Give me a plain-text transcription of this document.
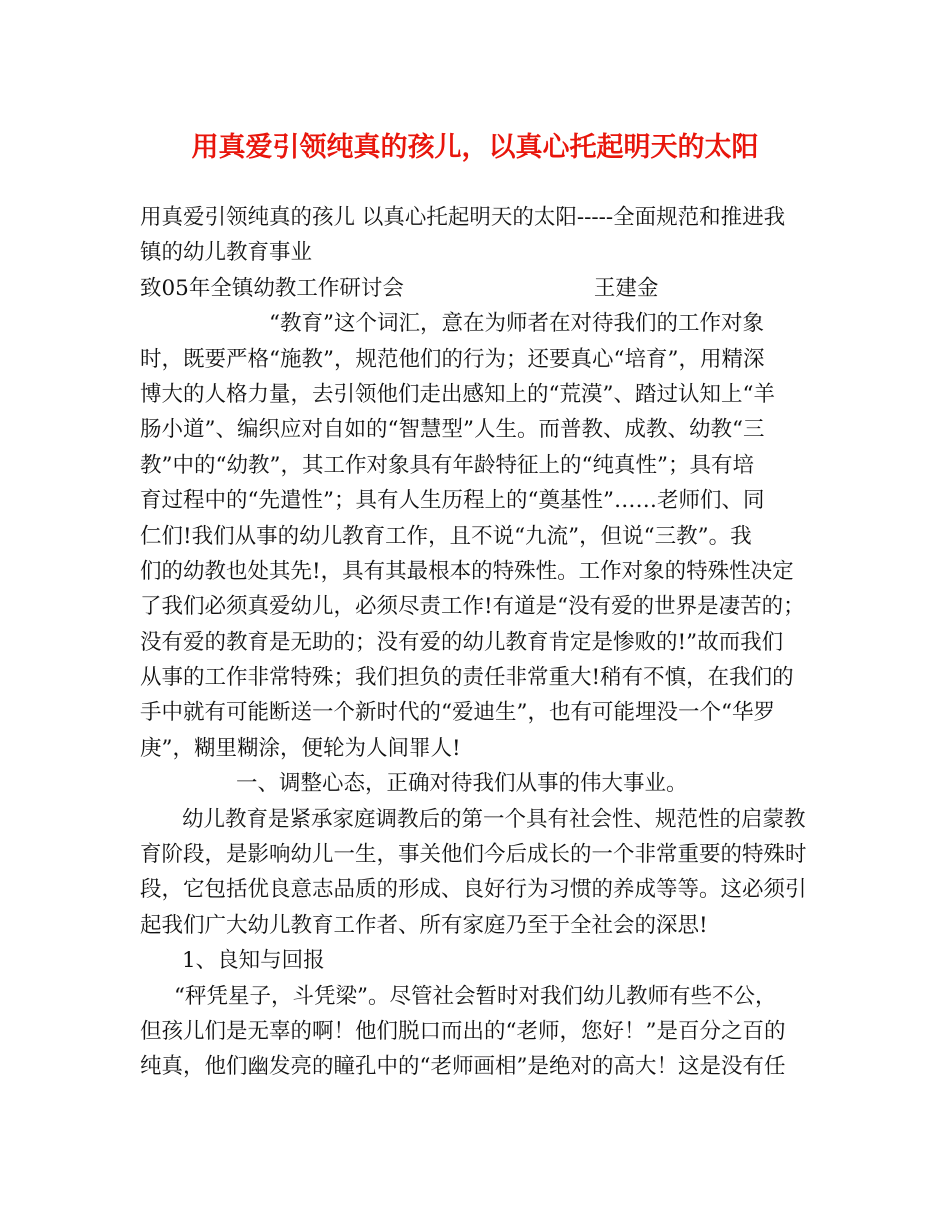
用真爱引领纯真的孩儿，以真心托起明天的太阳
用真爱引领纯真的孩儿 以真心托起明天的太阳-----全面规范和推进我
镇的幼儿教育事业
致05年全镇幼教工作研讨会	王建金
“教育”这个词汇，意在为师者在对待我们的工作对象
时，既要严格“施教”，规范他们的行为；还要真心“培育”，用精深
博大的人格力量，去引领他们走出感知上的“荒漠”、踏过认知上“羊
肠小道”、编织应对自如的“智慧型”人生。而普教、成教、幼教“三
教”中的“幼教”，其工作对象具有年龄特征上的“纯真性”；具有培
育过程中的“先遣性”；具有人生历程上的“奠基性”……老师们、同
仁们!我们从事的幼儿教育工作，且不说“九流”，但说“三教”。我
们的幼教也处其先!，具有其最根本的特殊性。工作对象的特殊性决定
了我们必须真爱幼儿，必须尽责工作!有道是“没有爱的世界是凄苦的；
没有爱的教育是无助的；没有爱的幼儿教育肯定是惨败的!”故而我们
从事的工作非常特殊；我们担负的责任非常重大!稍有不慎，在我们的
手中就有可能断送一个新时代的“爱迪生”，也有可能埋没一个“华罗
庚”，糊里糊涂，便轮为人间罪人!
一、调整心态，正确对待我们从事的伟大事业。
幼儿教育是紧承家庭调教后的第一个具有社会性、规范性的启蒙教
育阶段，是影响幼儿一生，事关他们今后成长的一个非常重要的特殊时
段，它包括优良意志品质的形成、良好行为习惯的养成等等。这必须引
起我们广大幼儿教育工作者、所有家庭乃至于全社会的深思!
1、良知与回报
“秤凭星子，斗凭梁”。尽管社会暂时对我们幼儿教师有些不公，
但孩儿们是无辜的啊！他们脱口而出的“老师，您好！”是百分之百的
纯真，他们幽发亮的瞳孔中的“老师画相”是绝对的高大！这是没有任
